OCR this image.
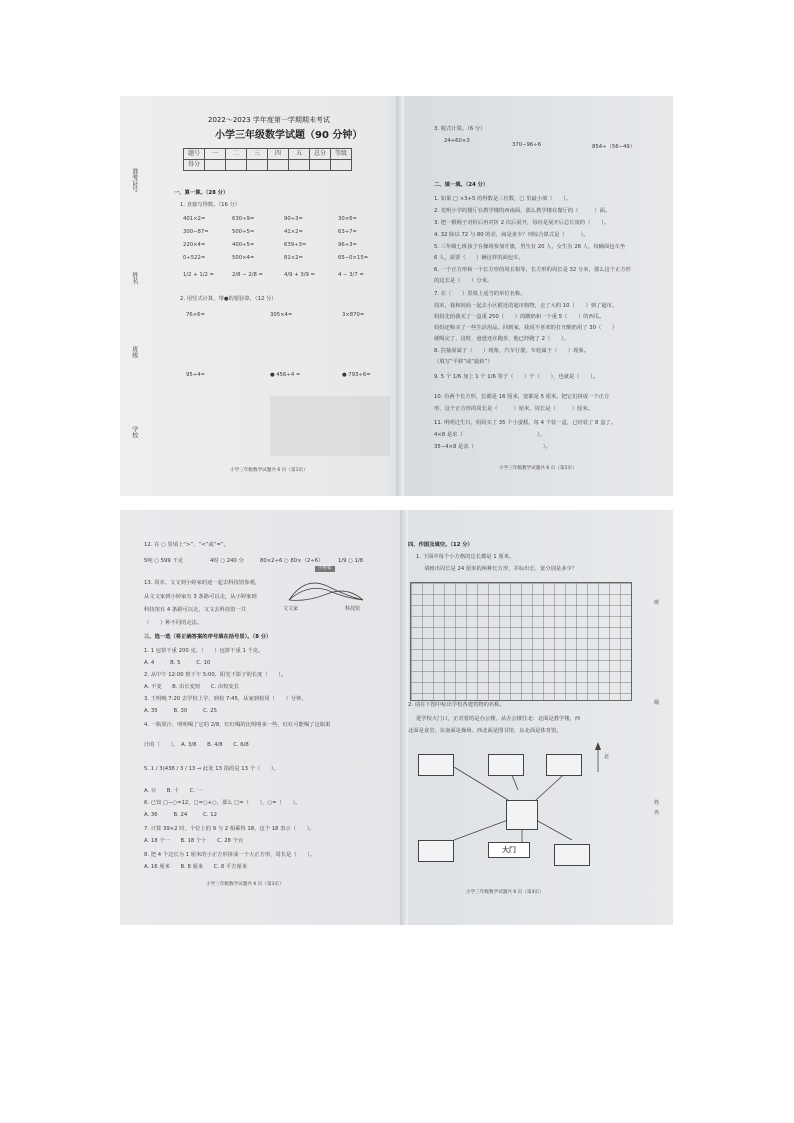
准考证号
姓名
班级
学校
2022～2023 学年度第一学期期末考试
小学三年级数学试题（90 分钟）
题号	一	二	三	四	五	总分	等级
得分							
一、算一算。（28 分）
1. 直接写得数。（16 分）
401×2=	630÷9=	90÷3=	30×6=
300−87=	500÷5=	41×2=	63÷7=
220×4=	400÷5=	639÷3=	96÷3=
0÷522=	500×4=	81×2=	65−0×15=
1/2 + 1/2 =	2/8 − 2/8 =	4/9 + 3/9 =	4 − 3/7 =
2. 用竖式计算，带●的要验算。（12 分）
76×6=	305×4=	3×870=
95÷4=	● 456÷4 =	● 793÷6=
小学三年级数学试题共 6 页（第1页）
3. 脱式计算。（6 分）
24+60×3
370−96÷6	854÷（56−49）
二、填一填。（24 分）
1. 如果 □ ×3+5 的得数是三位数，□ 里最小填（　　）。
2. 光明小学的餐厅在教学楼的西南面，那么教学楼在餐厅的（　　　）面。
3. 把一根绳子对折后再对折 2 次后展开，每份是展开后总长度的（　　）。
4. 32 除以 72 与 80 的差，商是多少？列综合算式是（　　　）。
5. 三年级七班孩子在操场参加升旗，男生有 20 人，女生有 26 人，每辆面包车坐
6 人，需要（　　）辆这样的面包车。
6. 一个正方形和一个长方形的周长相等，长方形的周长是 32 分米，那么这个正方形
的边长是（　　）分米。
7. 在（　　）里填上适当的单位名称。
周末，我和妈妈一起去小区附近的超市购物，走了大约 10（　　）到了超市。
妈妈先给我买了一盒重 250（　　）的酸奶和一个重 5（　　）的西瓜。
妈妈还购买了一些生活用品。回到家，我说不喜欢的打开酸奶用了 30（　　）
就喝完了，这时，爸爸还在跑步，他已经跑了 2（　　）。
8. 拉抽屉属于（　　）现象，汽车行驶，车轮属于（　　）现象。
（填写“平移”或“旋转”）
9. 5 个 1/6 加上 1 个 1/6 等于（　　）个（　　），也就是（　　）。
10. 有两个长方形，长都是 16 厘米，宽都是 5 厘米，把它们拼成一个正方
形，这个正方形的周长是（　　　）厘米，周长是（　　　）厘米。
11. 明明过生日，妈妈买了 35 个小蛋糕，每 4 个装一盒，已经装了 8 盒了。
4×8 是求（　　　　　　　　　　　　　　）。
35−4×8 是求（　　　　　　　　　　　　　）。
小学三年级数学试题共 6 页（第2页）
12. 在 ○ 里填上“>”、“<”或“=”。
5吨 ○ 599 千克	4时 ○ 240 分	80×2÷6 ○ 80×（2÷6）	1/9 ○ 1/8
13. 周末，文文到小婷家的途一起去科技馆参观，
从文文家到小婷家有 3 条路可以走，从小婷家到
科技馆有 4 条路可以走，文文去科技馆一共
（　　）种不同的走法。
小婷家
文文家	科技馆
三、选一选（将正确答案的序号填在括号里）。（8 分）
1. 1 包饼干重 200 克，（　　）包饼干重 1 千克。
A. 4　　　B. 5　　　C. 10
2. 从中午 12:00 到下午 5:00，阳光下影子的长度（　　）。
A. 不变　　B. 由长变短　　C. 由短变长
3. 王明晚 7:20 去学校上学，到校 7:45，从家到校用（　　）分钟。
A. 35　　　B. 30　　　C. 25
4. 一瓶果汁，明明喝了它的 2/8，红红喝的比明明多一些，红红可能喝了这瓶果
汁的（　　）。　A. 3/8　　B. 4/8　　C. 6/8
5. 1 / 3)438 / 3 / 13 → 此处 13 指的是 13 个（　　）。
A. 百　　B. 十　　C. 一
6. 已知 □−○=12，□=○+○，那么 □=（　　），○=（　　）。
A. 36　　　B. 24　　　C. 12
7. 计算 39×2 时，个位上的 9 与 2 相乘得 18，这个 18 表示（　　）。
A. 18 个一　　B. 18 个十　　C. 28 个百
8. 把 4 个边长为 1 厘米的小正方形拼成一个大正方形，周长是（　　）。
A. 16 厘米　　B. 8 厘米　　C. 8 平方厘米
小学三年级数学试题共 6 页（第3页）
四、作图及填空。（12 分）
1. 下面中每个小方格的边长都是 1 厘米。
请画出周长是 24 厘米的两种长方形，并标出长、宽分别是多少？
2. 请在下图中标出学校各建筑物的名称。
进学校大门口，正对着的是办公楼，从办公楼往北：北面是教学楼，西
北面是食堂，东南面是操场。西北面是图书馆，东北面是体育馆。
大门
北
班
级
姓
名
小学三年级数学试题共 6 页（第4页）
